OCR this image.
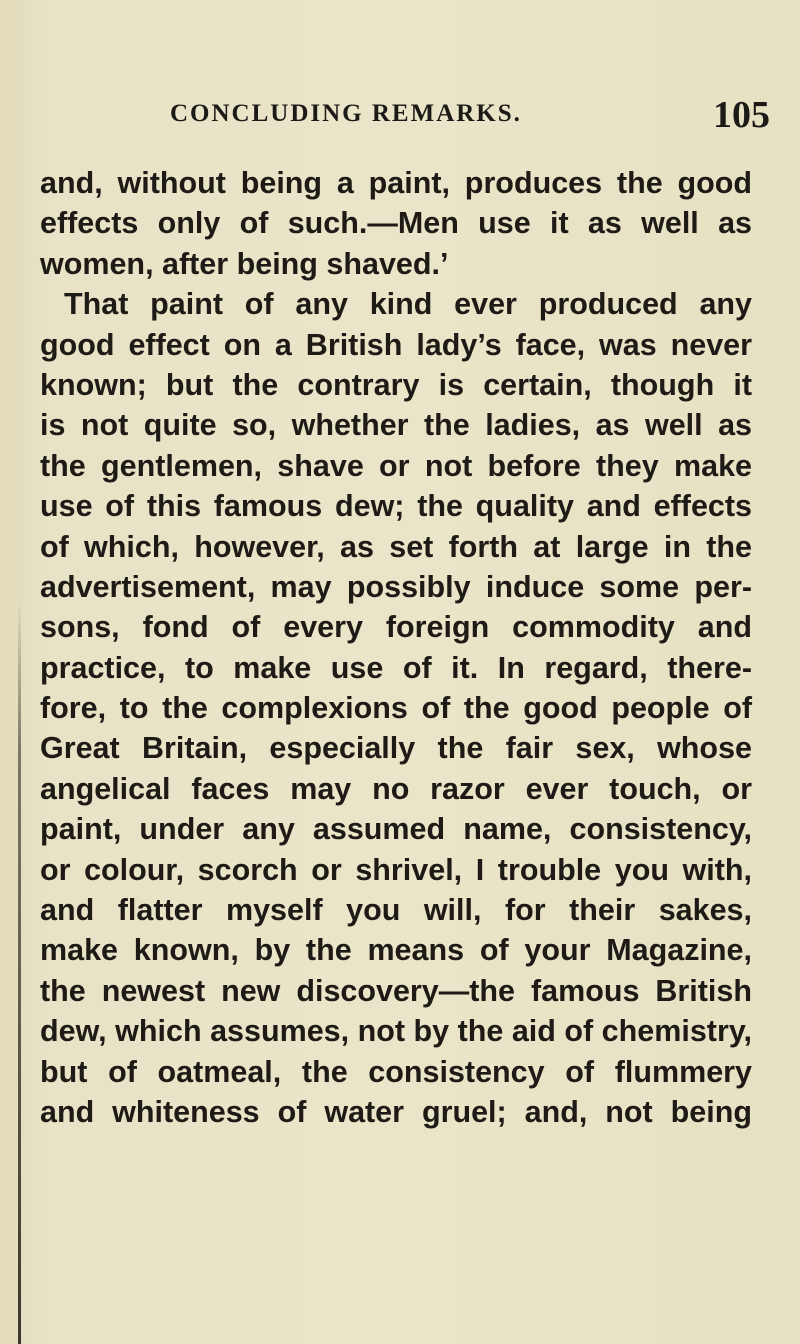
CONCLUDING REMARKS.	105
and, without being a paint, produces the good
effects only of such.—Men use it as well as
women, after being shaved.’
That paint of any kind ever produced any
good effect on a British lady’s face, was never
known; but the contrary is certain, though it
is not quite so, whether the ladies, as well as
the gentlemen, shave or not before they make
use of this famous dew; the quality and effects
of which, however, as set forth at large in the
advertisement, may possibly induce some per-
sons, fond of every foreign commodity and
practice, to make use of it. In regard, there-
fore, to the complexions of the good people of
Great Britain, especially the fair sex, whose
angelical faces may no razor ever touch, or
paint, under any assumed name, consistency,
or colour, scorch or shrivel, I trouble you with,
and flatter myself you will, for their sakes,
make known, by the means of your Magazine,
the newest new discovery—the famous British
dew, which assumes, not by the aid of chemistry,
but of oatmeal, the consistency of flummery
and whiteness of water gruel; and, not being
